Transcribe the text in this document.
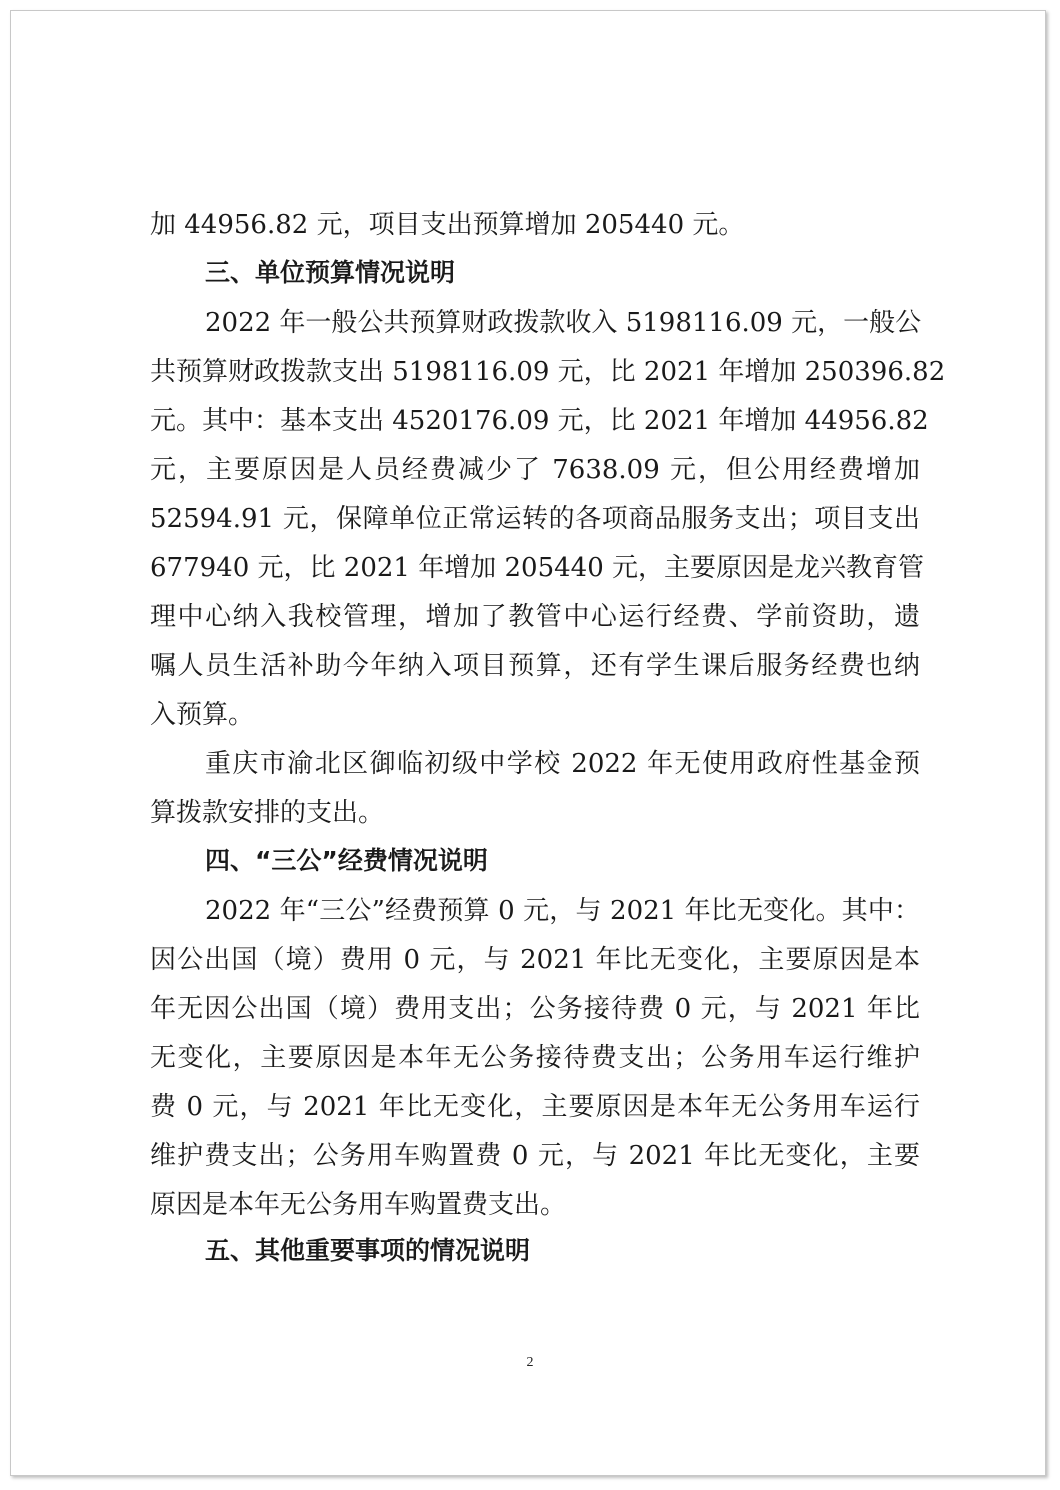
加 44956.82 元，项目支出预算增加 205440 元。

三、单位预算情况说明

2022 年一般公共预算财政拨款收入 5198116.09 元，一般公

共预算财政拨款支出 5198116.09 元，比 2021 年增加 250396.82

元。其中：基本支出 4520176.09 元，比 2021 年增加 44956.82

元，主要原因是人员经费减少了 7638.09 元，但公用经费增加

52594.91 元，保障单位正常运转的各项商品服务支出；项目支出

677940 元，比 2021 年增加 205440 元，主要原因是龙兴教育管

理中心纳入我校管理，增加了教管中心运行经费、学前资助，遗

嘱人员生活补助今年纳入项目预算，还有学生课后服务经费也纳

入预算。

重庆市渝北区御临初级中学校 2022 年无使用政府性基金预

算拨款安排的支出。

四、“三公”经费情况说明

2022 年“三公”经费预算 0 元，与 2021 年比无变化。其中：

因公出国（境）费用 0 元，与 2021 年比无变化，主要原因是本

年无因公出国（境）费用支出；公务接待费 0 元，与 2021 年比

无变化，主要原因是本年无公务接待费支出；公务用车运行维护

费 0 元，与 2021 年比无变化，主要原因是本年无公务用车运行

维护费支出；公务用车购置费 0 元，与 2021 年比无变化，主要

原因是本年无公务用车购置费支出。

五、其他重要事项的情况说明
2
